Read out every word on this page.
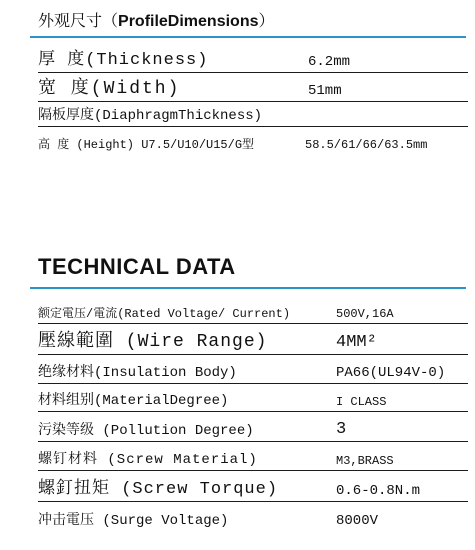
外观尺寸（ProfileDimensions）
厚 度(Thickness)	6.2mm
宽 度(Width)	51mm
隔板厚度(DiaphragmThickness)
高 度 (Height) U7.5/U10/U15/G型	58.5/61/66/63.5mm
TECHNICAL DATA
额定電压/電流(Rated Voltage/ Current)	500V,16A
壓線範圍 (Wire Range)	4MM²
绝缘材料(Insulation Body)	PA66(UL94V-0)
材料组别(MaterialDegree)	I CLASS
污染等级 (Pollution Degree)	3
螺钉材料 (Screw Material)	M3,BRASS
螺釘扭矩 (Screw Torque)	0.6-0.8N.m
冲击電压 (Surge Voltage)	8000V
